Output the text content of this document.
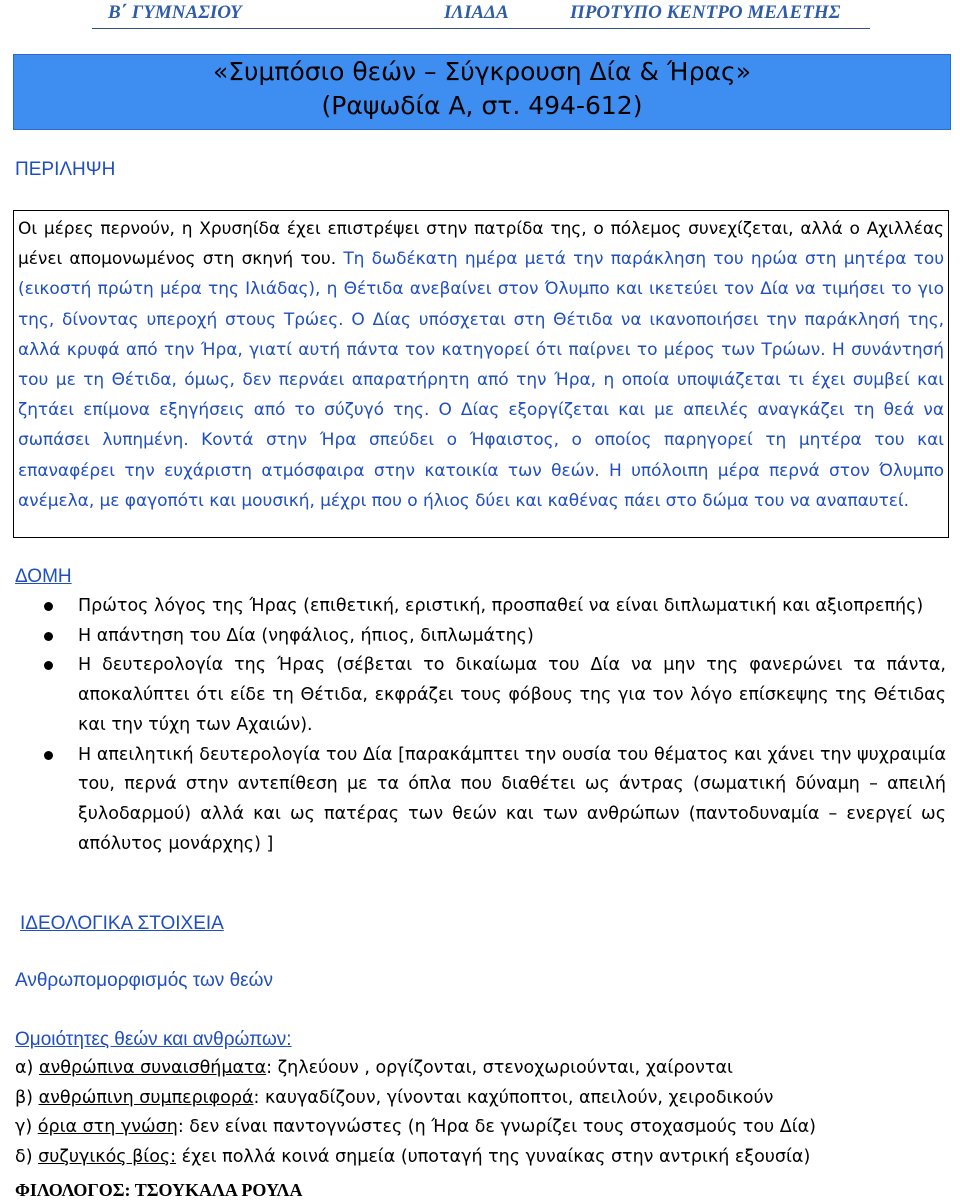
Β΄ ΓΥΜΝΑΣΙΟΥ	ΙΛΙΑΔΑ	ΠΡΟΤΥΠΟ ΚΕΝΤΡΟ ΜΕΛΕΤΗΣ
«Συμπόσιο θεών – Σύγκρουση Δία & Ήρας»
(Ραψωδία Α, στ. 494-612)
ΠΕΡΙΛΗΨΗ
Οι μέρες περνούν, η Χρυσηίδα έχει επιστρέψει στην πατρίδα της, ο πόλεμος συνεχίζεται, αλλά ο Αχιλλέας μένει απομονωμένος στη σκηνή του. Τη δωδέκατη ημέρα μετά την παράκληση του ηρώα στη μητέρα του (εικοστή πρώτη μέρα της Ιλιάδας), η Θέτιδα ανεβαίνει στον Όλυμπο και ικετεύει τον Δία να τιμήσει το γιο της, δίνοντας υπεροχή στους Τρώες. Ο Δίας υπόσχεται στη Θέτιδα να ικανοποιήσει την παράκλησή της, αλλά κρυφά από την Ήρα, γιατί αυτή πάντα τον κατηγορεί ότι παίρνει το μέρος των Τρώων. Η συνάντησή του με τη Θέτιδα, όμως, δεν περνάει απαρατήρητη από την Ήρα, η οποία υποψιάζεται τι έχει συμβεί και ζητάει επίμονα εξηγήσεις από το σύζυγό της. Ο Δίας εξοργίζεται και με απειλές αναγκάζει τη θεά να σωπάσει λυπημένη. Κοντά στην Ήρα σπεύδει ο Ήφαιστος, ο οποίος παρηγορεί τη μητέρα του και επαναφέρει την ευχάριστη ατμόσφαιρα στην κατοικία των θεών. Η υπόλοιπη μέρα περνά στον Όλυμπο ανέμελα, με φαγοπότι και μουσική, μέχρι που ο ήλιος δύει και καθένας πάει στο δώμα του να αναπαυτεί.
ΔΟΜΗ
Πρώτος λόγος της Ήρας (επιθετική, εριστική, προσπαθεί να είναι διπλωματική και αξιοπρεπής)
Η απάντηση του Δία (νηφάλιος, ήπιος, διπλωμάτης)
Η δευτερολογία της Ήρας (σέβεται το δικαίωμα του Δία να μην της φανερώνει τα πάντα, αποκαλύπτει ότι είδε τη Θέτιδα, εκφράζει τους φόβους της για τον λόγο επίσκεψης της Θέτιδας και την τύχη των Αχαιών).
Η απειλητική δευτερολογία του Δία [παρακάμπτει την ουσία του θέματος και χάνει την ψυχραιμία του, περνά στην αντεπίθεση με τα όπλα που διαθέτει ως άντρας (σωματική δύναμη – απειλή ξυλοδαρμού) αλλά και ως πατέρας των θεών και των ανθρώπων (παντοδυναμία – ενεργεί ως απόλυτος μονάρχης) ]
ΙΔΕΟΛΟΓΙΚΑ ΣΤΟΙΧΕΙΑ
Ανθρωπομορφισμός των θεών
Ομοιότητες θεών και ανθρώπων:
α) ανθρώπινα συναισθήματα: ζηλεύουν , οργίζονται, στενοχωριούνται, χαίρονται
β) ανθρώπινη συμπεριφορά: καυγαδίζουν, γίνονται καχύποπτοι, απειλούν, χειροδικούν
γ) όρια στη γνώση: δεν είναι παντογνώστες (η Ήρα δε γνωρίζει τους στοχασμούς του Δία)
δ) συζυγικός βίος: έχει πολλά κοινά σημεία (υποταγή της γυναίκας στην αντρική εξουσία)
ΦΙΛΟΛΟΓΟΣ: ΤΣΟΥΚΑΛΑ ΡΟΥΛΑ
